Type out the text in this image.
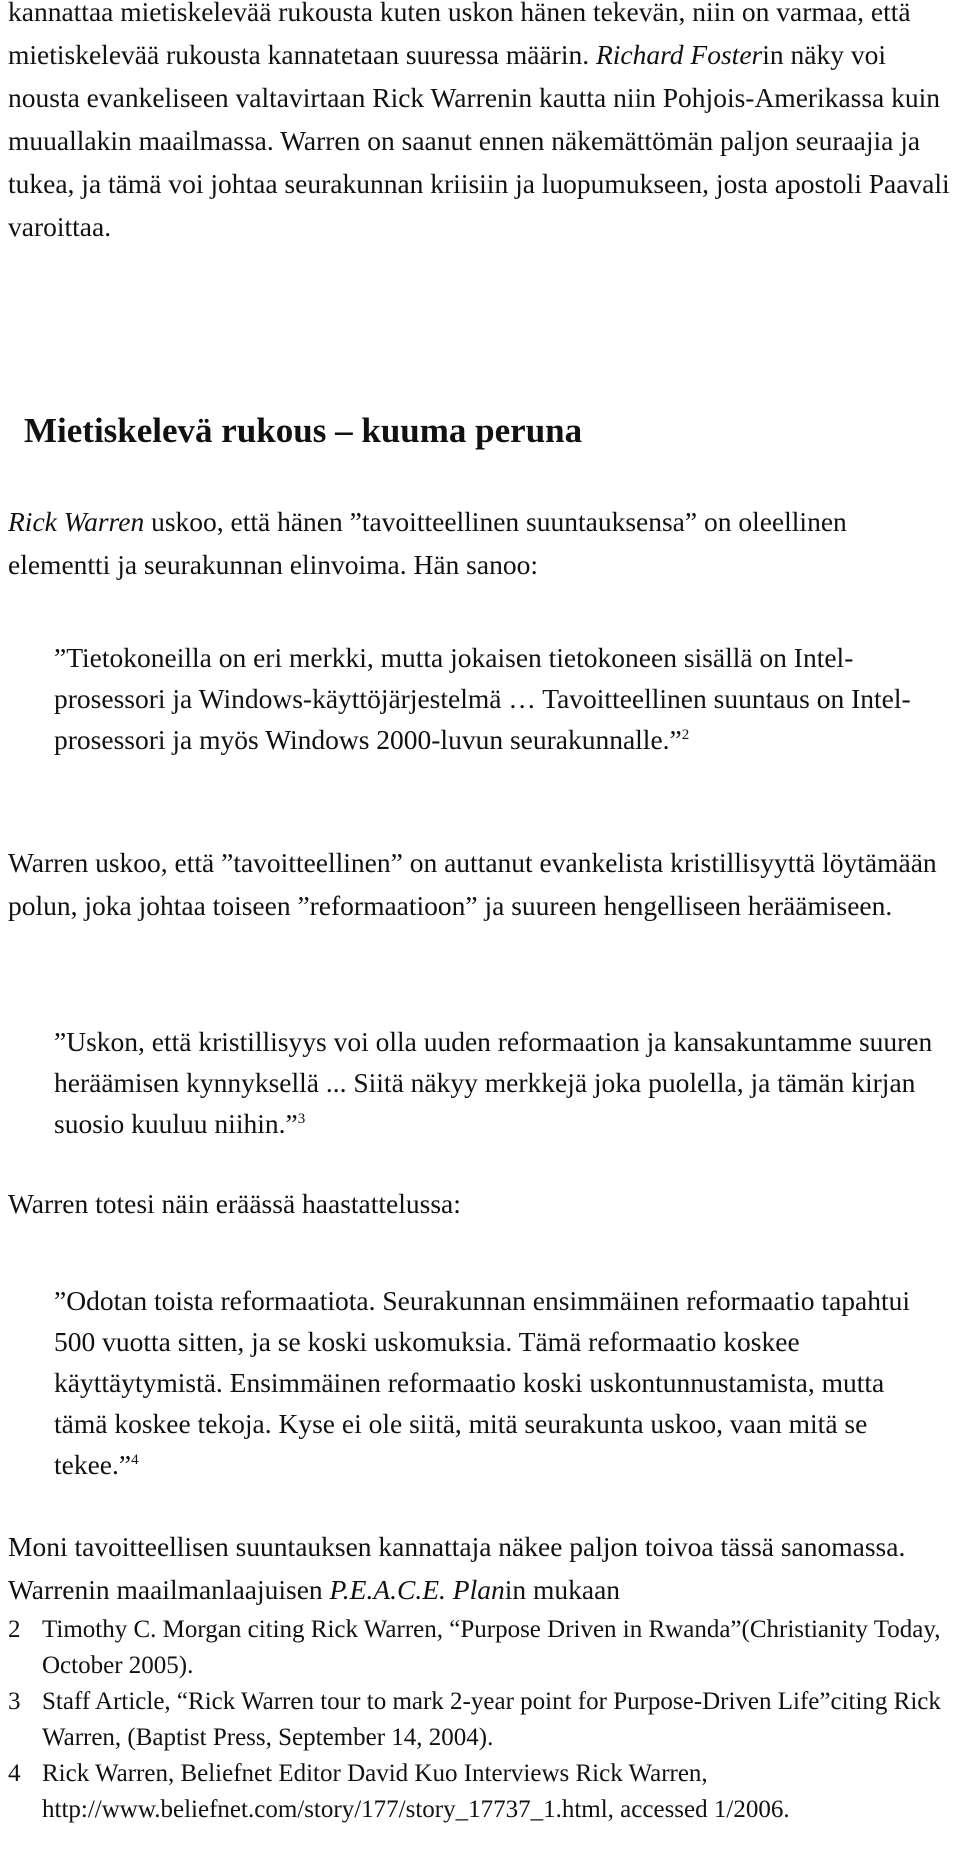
kannattaa mietiskelevää rukousta kuten uskon hänen tekevän, niin on varmaa, että mietiskelevää rukousta kannatetaan suuressa määrin. Richard Fosterin näky voi nousta evankeliseen valtavirtaan Rick Warrenin kautta niin Pohjois-Amerikassa kuin muuallakin maailmassa. Warren on saanut ennen näkemättömän paljon seuraajia ja tukea, ja tämä voi johtaa seurakunnan kriisiin ja luopumukseen, josta apostoli Paavali varoittaa.

Mietiskelevä rukous – kuuma peruna

Rick Warren uskoo, että hänen ”tavoitteellinen suuntauksensa” on oleellinen elementti ja seurakunnan elinvoima. Hän sanoo:

”Tietokoneilla on eri merkki, mutta jokaisen tietokoneen sisällä on Intel-prosessori ja Windows-käyttöjärjestelmä … Tavoitteellinen suuntaus on Intel-prosessori ja myös Windows 2000-luvun seurakunnalle.”$^2$

Warren uskoo, että ”tavoitteellinen” on auttanut evankelista kristillisyyttä löytämään polun, joka johtaa toiseen ”reformaatioon” ja suureen hengelliseen heräämiseen.

”Uskon, että kristillisyys voi olla uuden reformaation ja kansakuntamme suuren heräämisen kynnyksellä ... Siitä näkyy merkkejä joka puolella, ja tämän kirjan suosio kuuluu niihin.”$^3$

Warren totesi näin eräässä haastattelussa:

”Odotan toista reformaatiota. Seurakunnan ensimmäinen reformaatio tapahtui 500 vuotta sitten, ja se koski uskomuksia. Tämä reformaatio koskee käyttäytymistä. Ensimmäinen reformaatio koski uskontunnustamista, mutta tämä koskee tekoja. Kyse ei ole siitä, mitä seurakunta uskoo, vaan mitä se tekee.”$^4$

Moni tavoitteellisen suuntauksen kannattaja näkee paljon toivoa tässä sanomassa. Warrenin maailmanlaajuisen P.E.A.C.E. Planin mukaan

2 Timothy C. Morgan citing Rick Warren, “Purpose Driven in Rwanda”(Christianity Today, October 2005).
3 Staff Article, “Rick Warren tour to mark 2-year point for Purpose-Driven Life”citing Rick Warren, (Baptist Press, September 14, 2004).
4 Rick Warren, Beliefnet Editor David Kuo Interviews Rick Warren, http://www.beliefnet.com/story/177/story_17737_1.html, accessed 1/2006.
